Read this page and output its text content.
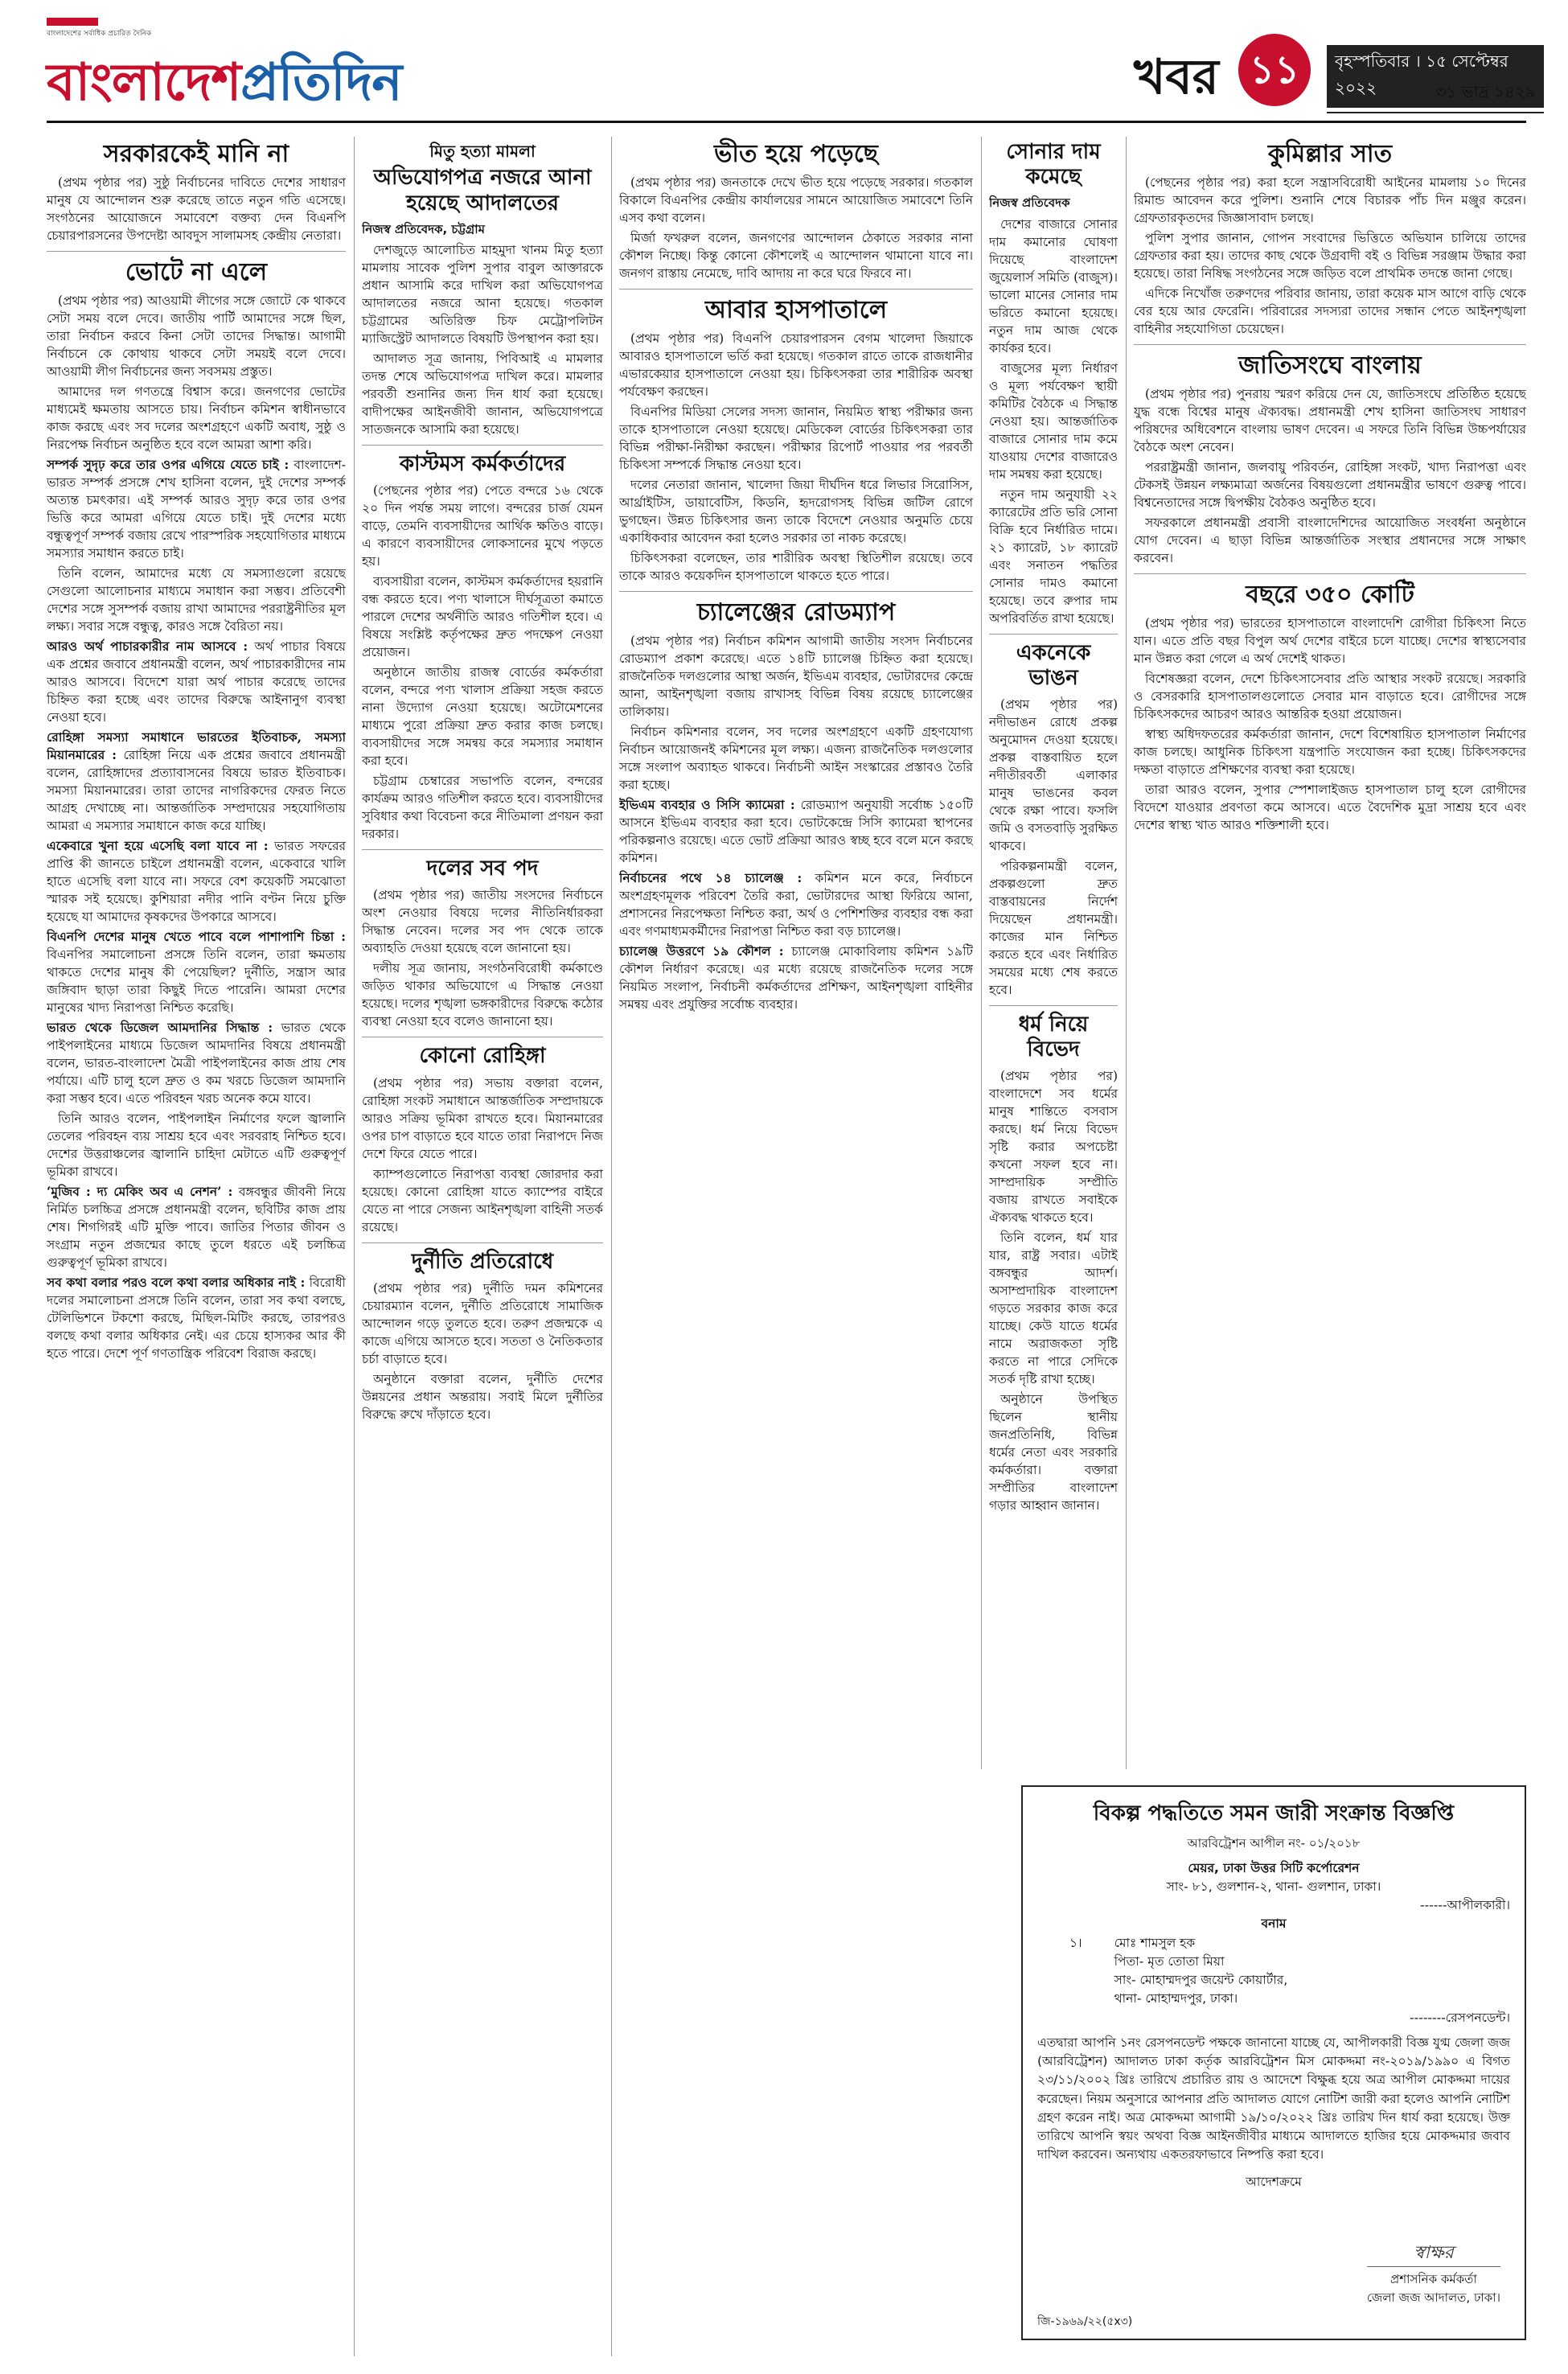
বাংলাদেশের সর্বাধিক প্রচারিত দৈনিক
বাংলাদেশপ্রতিদিন	খবর ১১	বৃহস্পতিবার । ১৫ সেপ্টেম্বর ২০২২	৩১ ভাদ্র ১৪২৯
সরকারকেই মানি না

(প্রথম পৃষ্ঠার পর) সুষ্ঠু নির্বাচনের দাবিতে দেশের সাধারণ মানুষ যে আন্দোলন শুরু করেছে তাতে নতুন গতি এসেছে। সংগঠনের আয়োজনে সমাবেশে বক্তব্য দেন বিএনপি চেয়ারপারসনের উপদেষ্টা আবদুস সালামসহ কেন্দ্রীয় নেতারা।

ভোটে না এলে

(প্রথম পৃষ্ঠার পর) আওয়ামী লীগের সঙ্গে জোটে কে থাকবে সেটা সময় বলে দেবে। জাতীয় পার্টি আমাদের সঙ্গে ছিল, তারা নির্বাচন করবে কিনা সেটা তাদের সিদ্ধান্ত। আগামী নির্বাচনে কে কোথায় থাকবে সেটা সময়ই বলে দেবে। আওয়ামী লীগ নির্বাচনের জন্য সবসময় প্রস্তুত।

আমাদের দল গণতন্ত্রে বিশ্বাস করে। জনগণের ভোটের মাধ্যমেই ক্ষমতায় আসতে চায়। নির্বাচন কমিশন স্বাধীনভাবে কাজ করছে এবং সব দলের অংশগ্রহণে একটি অবাধ, সুষ্ঠু ও নিরপেক্ষ নির্বাচন অনুষ্ঠিত হবে বলে আমরা আশা করি।

সম্পর্ক সুদৃঢ় করে তার ওপর এগিয়ে যেতে চাই : বাংলাদেশ-ভারত সম্পর্ক প্রসঙ্গে শেখ হাসিনা বলেন, দুই দেশের সম্পর্ক অত্যন্ত চমৎকার। এই সম্পর্ক আরও সুদৃঢ় করে তার ওপর ভিত্তি করে আমরা এগিয়ে যেতে চাই। দুই দেশের মধ্যে বন্ধুত্বপূর্ণ সম্পর্ক বজায় রেখে পারস্পরিক সহযোগিতার মাধ্যমে সমস্যার সমাধান করতে চাই।

তিনি বলেন, আমাদের মধ্যে যে সমস্যাগুলো রয়েছে সেগুলো আলোচনার মাধ্যমে সমাধান করা সম্ভব। প্রতিবেশী দেশের সঙ্গে সুসম্পর্ক বজায় রাখা আমাদের পররাষ্ট্রনীতির মূল লক্ষ্য। সবার সঙ্গে বন্ধুত্ব, কারও সঙ্গে বৈরিতা নয়।

আরও অর্থ পাচারকারীর নাম আসবে : অর্থ পাচার বিষয়ে এক প্রশ্নের জবাবে প্রধানমন্ত্রী বলেন, অর্থ পাচারকারীদের নাম আরও আসবে। বিদেশে যারা অর্থ পাচার করেছে তাদের চিহ্নিত করা হচ্ছে এবং তাদের বিরুদ্ধে আইনানুগ ব্যবস্থা নেওয়া হবে।

রোহিঙ্গা সমস্যা সমাধানে ভারতের ইতিবাচক, সমস্যা মিয়ানমারের : রোহিঙ্গা নিয়ে এক প্রশ্নের জবাবে প্রধানমন্ত্রী বলেন, রোহিঙ্গাদের প্রত্যাবাসনের বিষয়ে ভারত ইতিবাচক। সমস্যা মিয়ানমারের। তারা তাদের নাগরিকদের ফেরত নিতে আগ্রহ দেখাচ্ছে না। আন্তর্জাতিক সম্প্রদায়ের সহযোগিতায় আমরা এ সমস্যার সমাধানে কাজ করে যাচ্ছি।

একেবারে খুনা হয়ে এসেছি বলা যাবে না : ভারত সফরের প্রাপ্তি কী জানতে চাইলে প্রধানমন্ত্রী বলেন, একেবারে খালি হাতে এসেছি বলা যাবে না। সফরে বেশ কয়েকটি সমঝোতা স্মারক সই হয়েছে। কুশিয়ারা নদীর পানি বণ্টন নিয়ে চুক্তি হয়েছে যা আমাদের কৃষকদের উপকারে আসবে।

বিএনপি দেশের মানুষ খেতে পাবে বলে পাশাপাশি চিন্তা : বিএনপির সমালোচনা প্রসঙ্গে তিনি বলেন, তারা ক্ষমতায় থাকতে দেশের মানুষ কী পেয়েছিল? দুর্নীতি, সন্ত্রাস আর জঙ্গিবাদ ছাড়া তারা কিছুই দিতে পারেনি। আমরা দেশের মানুষের খাদ্য নিরাপত্তা নিশ্চিত করেছি।

ভারত থেকে ডিজেল আমদানির সিদ্ধান্ত : ভারত থেকে পাইপলাইনের মাধ্যমে ডিজেল আমদানির বিষয়ে প্রধানমন্ত্রী বলেন, ভারত-বাংলাদেশ মৈত্রী পাইপলাইনের কাজ প্রায় শেষ পর্যায়ে। এটি চালু হলে দ্রুত ও কম খরচে ডিজেল আমদানি করা সম্ভব হবে। এতে পরিবহন খরচ অনেক কমে যাবে।

তিনি আরও বলেন, পাইপলাইন নির্মাণের ফলে জ্বালানি তেলের পরিবহন ব্যয় সাশ্রয় হবে এবং সরবরাহ নিশ্চিত হবে। দেশের উত্তরাঞ্চলের জ্বালানি চাহিদা মেটাতে এটি গুরুত্বপূর্ণ ভূমিকা রাখবে।

‘মুজিব : দ্য মেকিং অব এ নেশন’ : বঙ্গবন্ধুর জীবনী নিয়ে নির্মিত চলচ্চিত্র প্রসঙ্গে প্রধানমন্ত্রী বলেন, ছবিটির কাজ প্রায় শেষ। শিগগিরই এটি মুক্তি পাবে। জাতির পিতার জীবন ও সংগ্রাম নতুন প্রজন্মের কাছে তুলে ধরতে এই চলচ্চিত্র গুরুত্বপূর্ণ ভূমিকা রাখবে।

সব কথা বলার পরও বলে কথা বলার অধিকার নাই : বিরোধী দলের সমালোচনা প্রসঙ্গে তিনি বলেন, তারা সব কথা বলছে, টেলিভিশনে টকশো করছে, মিছিল-মিটিং করছে, তারপরও বলছে কথা বলার অধিকার নেই। এর চেয়ে হাস্যকর আর কী হতে পারে। দেশে পূর্ণ গণতান্ত্রিক পরিবেশ বিরাজ করছে।

মিতু হত্যা মামলা
অভিযোগপত্র নজরে আনা হয়েছে আদালতের
নিজস্ব প্রতিবেদক, চট্টগ্রাম

দেশজুড়ে আলোচিত মাহমুদা খানম মিতু হত্যা মামলায় সাবেক পুলিশ সুপার বাবুল আক্তারকে প্রধান আসামি করে দাখিল করা অভিযোগপত্র আদালতের নজরে আনা হয়েছে। গতকাল চট্টগ্রামের অতিরিক্ত চিফ মেট্রোপলিটন ম্যাজিস্ট্রেট আদালতে বিষয়টি উপস্থাপন করা হয়।

আদালত সূত্র জানায়, পিবিআই এ মামলার তদন্ত শেষে অভিযোগপত্র দাখিল করে। মামলার পরবর্তী শুনানির জন্য দিন ধার্য করা হয়েছে। বাদীপক্ষের আইনজীবী জানান, অভিযোগপত্রে সাতজনকে আসামি করা হয়েছে।

কাস্টমস কর্মকর্তাদের

(পেছনের পৃষ্ঠার পর) পেতে বন্দরে ১৬ থেকে ২০ দিন পর্যন্ত সময় লাগে। বন্দরের চার্জ যেমন বাড়ে, তেমনি ব্যবসায়ীদের আর্থিক ক্ষতিও বাড়ে। এ কারণে ব্যবসায়ীদের লোকসানের মুখে পড়তে হয়।

ব্যবসায়ীরা বলেন, কাস্টমস কর্মকর্তাদের হয়রানি বন্ধ করতে হবে। পণ্য খালাসে দীর্ঘসূত্রতা কমাতে পারলে দেশের অর্থনীতি আরও গতিশীল হবে। এ বিষয়ে সংশ্লিষ্ট কর্তৃপক্ষের দ্রুত পদক্ষেপ নেওয়া প্রয়োজন।

অনুষ্ঠানে জাতীয় রাজস্ব বোর্ডের কর্মকর্তারা বলেন, বন্দরে পণ্য খালাস প্রক্রিয়া সহজ করতে নানা উদ্যোগ নেওয়া হয়েছে। অটোমেশনের মাধ্যমে পুরো প্রক্রিয়া দ্রুত করার কাজ চলছে। ব্যবসায়ীদের সঙ্গে সমন্বয় করে সমস্যার সমাধান করা হবে।

চট্টগ্রাম চেম্বারের সভাপতি বলেন, বন্দরের কার্যক্রম আরও গতিশীল করতে হবে। ব্যবসায়ীদের সুবিধার কথা বিবেচনা করে নীতিমালা প্রণয়ন করা দরকার।

দলের সব পদ

(প্রথম পৃষ্ঠার পর) জাতীয় সংসদের নির্বাচনে অংশ নেওয়ার বিষয়ে দলের নীতিনির্ধারকরা সিদ্ধান্ত নেবেন। দলের সব পদ থেকে তাকে অব্যাহতি দেওয়া হয়েছে বলে জানানো হয়।

দলীয় সূত্র জানায়, সংগঠনবিরোধী কর্মকাণ্ডে জড়িত থাকার অভিযোগে এ সিদ্ধান্ত নেওয়া হয়েছে। দলের শৃঙ্খলা ভঙ্গকারীদের বিরুদ্ধে কঠোর ব্যবস্থা নেওয়া হবে বলেও জানানো হয়।

কোনো রোহিঙ্গা

(প্রথম পৃষ্ঠার পর) সভায় বক্তারা বলেন, রোহিঙ্গা সংকট সমাধানে আন্তর্জাতিক সম্প্রদায়কে আরও সক্রিয় ভূমিকা রাখতে হবে। মিয়ানমারের ওপর চাপ বাড়াতে হবে যাতে তারা নিরাপদে নিজ দেশে ফিরে যেতে পারে।

ক্যাম্পগুলোতে নিরাপত্তা ব্যবস্থা জোরদার করা হয়েছে। কোনো রোহিঙ্গা যাতে ক্যাম্পের বাইরে যেতে না পারে সেজন্য আইনশৃঙ্খলা বাহিনী সতর্ক রয়েছে।

দুর্নীতি প্রতিরোধে

(প্রথম পৃষ্ঠার পর) দুর্নীতি দমন কমিশনের চেয়ারম্যান বলেন, দুর্নীতি প্রতিরোধে সামাজিক আন্দোলন গড়ে তুলতে হবে। তরুণ প্রজন্মকে এ কাজে এগিয়ে আসতে হবে। সততা ও নৈতিকতার চর্চা বাড়াতে হবে।

অনুষ্ঠানে বক্তারা বলেন, দুর্নীতি দেশের উন্নয়নের প্রধান অন্তরায়। সবাই মিলে দুর্নীতির বিরুদ্ধে রুখে দাঁড়াতে হবে।

ভীত হয়ে পড়েছে

(প্রথম পৃষ্ঠার পর) জনতাকে দেখে ভীত হয়ে পড়েছে সরকার। গতকাল বিকালে বিএনপির কেন্দ্রীয় কার্যালয়ের সামনে আয়োজিত সমাবেশে তিনি এসব কথা বলেন।

মির্জা ফখরুল বলেন, জনগণের আন্দোলন ঠেকাতে সরকার নানা কৌশল নিচ্ছে। কিন্তু কোনো কৌশলেই এ আন্দোলন থামানো যাবে না। জনগণ রাস্তায় নেমেছে, দাবি আদায় না করে ঘরে ফিরবে না।

আবার হাসপাতালে

(প্রথম পৃষ্ঠার পর) বিএনপি চেয়ারপারসন বেগম খালেদা জিয়াকে আবারও হাসপাতালে ভর্তি করা হয়েছে। গতকাল রাতে তাকে রাজধানীর এভারকেয়ার হাসপাতালে নেওয়া হয়। চিকিৎসকরা তার শারীরিক অবস্থা পর্যবেক্ষণ করছেন।

বিএনপির মিডিয়া সেলের সদস্য জানান, নিয়মিত স্বাস্থ্য পরীক্ষার জন্য তাকে হাসপাতালে নেওয়া হয়েছে। মেডিকেল বোর্ডের চিকিৎসকরা তার বিভিন্ন পরীক্ষা-নিরীক্ষা করছেন। পরীক্ষার রিপোর্ট পাওয়ার পর পরবর্তী চিকিৎসা সম্পর্কে সিদ্ধান্ত নেওয়া হবে।

দলের নেতারা জানান, খালেদা জিয়া দীর্ঘদিন ধরে লিভার সিরোসিস, আর্থ্রাইটিস, ডায়াবেটিস, কিডনি, হৃদরোগসহ বিভিন্ন জটিল রোগে ভুগছেন। উন্নত চিকিৎসার জন্য তাকে বিদেশে নেওয়ার অনুমতি চেয়ে একাধিকবার আবেদন করা হলেও সরকার তা নাকচ করেছে।

চিকিৎসকরা বলেছেন, তার শারীরিক অবস্থা স্থিতিশীল রয়েছে। তবে তাকে আরও কয়েকদিন হাসপাতালে থাকতে হতে পারে।

চ্যালেঞ্জের রোডম্যাপ

(প্রথম পৃষ্ঠার পর) নির্বাচন কমিশন আগামী জাতীয় সংসদ নির্বাচনের রোডম্যাপ প্রকাশ করেছে। এতে ১৪টি চ্যালেঞ্জ চিহ্নিত করা হয়েছে। রাজনৈতিক দলগুলোর আস্থা অর্জন, ইভিএম ব্যবহার, ভোটারদের কেন্দ্রে আনা, আইনশৃঙ্খলা বজায় রাখাসহ বিভিন্ন বিষয় রয়েছে চ্যালেঞ্জের তালিকায়।

নির্বাচন কমিশনার বলেন, সব দলের অংশগ্রহণে একটি গ্রহণযোগ্য নির্বাচন আয়োজনই কমিশনের মূল লক্ষ্য। এজন্য রাজনৈতিক দলগুলোর সঙ্গে সংলাপ অব্যাহত থাকবে। নির্বাচনী আইন সংস্কারের প্রস্তাবও তৈরি করা হচ্ছে।

ইভিএম ব্যবহার ও সিসি ক্যামেরা : রোডম্যাপ অনুযায়ী সর্বোচ্চ ১৫০টি আসনে ইভিএম ব্যবহার করা হবে। ভোটকেন্দ্রে সিসি ক্যামেরা স্থাপনের পরিকল্পনাও রয়েছে। এতে ভোট প্রক্রিয়া আরও স্বচ্ছ হবে বলে মনে করছে কমিশন।

নির্বাচনের পথে ১৪ চ্যালেঞ্জ : কমিশন মনে করে, নির্বাচনে অংশগ্রহণমূলক পরিবেশ তৈরি করা, ভোটারদের আস্থা ফিরিয়ে আনা, প্রশাসনের নিরপেক্ষতা নিশ্চিত করা, অর্থ ও পেশিশক্তির ব্যবহার বন্ধ করা এবং গণমাধ্যমকর্মীদের নিরাপত্তা নিশ্চিত করা বড় চ্যালেঞ্জ।

চ্যালেঞ্জ উত্তরণে ১৯ কৌশল : চ্যালেঞ্জ মোকাবিলায় কমিশন ১৯টি কৌশল নির্ধারণ করেছে। এর মধ্যে রয়েছে রাজনৈতিক দলের সঙ্গে নিয়মিত সংলাপ, নির্বাচনী কর্মকর্তাদের প্রশিক্ষণ, আইনশৃঙ্খলা বাহিনীর সমন্বয় এবং প্রযুক্তির সর্বোচ্চ ব্যবহার।

সোনার দাম কমেছে
নিজস্ব প্রতিবেদক

দেশের বাজারে সোনার দাম কমানোর ঘোষণা দিয়েছে বাংলাদেশ জুয়েলার্স সমিতি (বাজুস)। ভালো মানের সোনার দাম ভরিতে কমানো হয়েছে। নতুন দাম আজ থেকে কার্যকর হবে।

বাজুসের মূল্য নির্ধারণ ও মূল্য পর্যবেক্ষণ স্থায়ী কমিটির বৈঠকে এ সিদ্ধান্ত নেওয়া হয়। আন্তর্জাতিক বাজারে সোনার দাম কমে যাওয়ায় দেশের বাজারেও দাম সমন্বয় করা হয়েছে।

নতুন দাম অনুযায়ী ২২ ক্যারেটের প্রতি ভরি সোনা বিক্রি হবে নির্ধারিত দামে। ২১ ক্যারেট, ১৮ ক্যারেট এবং সনাতন পদ্ধতির সোনার দামও কমানো হয়েছে। তবে রুপার দাম অপরিবর্তিত রাখা হয়েছে।

একনেকে ভাঙন

(প্রথম পৃষ্ঠার পর) নদীভাঙন রোধে প্রকল্প অনুমোদন দেওয়া হয়েছে। প্রকল্প বাস্তবায়িত হলে নদীতীরবর্তী এলাকার মানুষ ভাঙনের কবল থেকে রক্ষা পাবে। ফসলি জমি ও বসতবাড়ি সুরক্ষিত থাকবে।

পরিকল্পনামন্ত্রী বলেন, প্রকল্পগুলো দ্রুত বাস্তবায়নের নির্দেশ দিয়েছেন প্রধানমন্ত্রী। কাজের মান নিশ্চিত করতে হবে এবং নির্ধারিত সময়ের মধ্যে শেষ করতে হবে।

ধর্ম নিয়ে বিভেদ

(প্রথম পৃষ্ঠার পর) বাংলাদেশে সব ধর্মের মানুষ শান্তিতে বসবাস করছে। ধর্ম নিয়ে বিভেদ সৃষ্টি করার অপচেষ্টা কখনো সফল হবে না। সাম্প্রদায়িক সম্প্রীতি বজায় রাখতে সবাইকে ঐক্যবদ্ধ থাকতে হবে।

তিনি বলেন, ধর্ম যার যার, রাষ্ট্র সবার। এটাই বঙ্গবন্ধুর আদর্শ। অসাম্প্রদায়িক বাংলাদেশ গড়তে সরকার কাজ করে যাচ্ছে। কেউ যাতে ধর্মের নামে অরাজকতা সৃষ্টি করতে না পারে সেদিকে সতর্ক দৃষ্টি রাখা হচ্ছে।

অনুষ্ঠানে উপস্থিত ছিলেন স্থানীয় জনপ্রতিনিধি, বিভিন্ন ধর্মের নেতা এবং সরকারি কর্মকর্তারা। বক্তারা সম্প্রীতির বাংলাদেশ গড়ার আহ্বান জানান।

কুমিল্লার সাত

(পেছনের পৃষ্ঠার পর) করা হলে সন্ত্রাসবিরোধী আইনের মামলায় ১০ দিনের রিমান্ড আবেদন করে পুলিশ। শুনানি শেষে বিচারক পাঁচ দিন মঞ্জুর করেন। গ্রেফতারকৃতদের জিজ্ঞাসাবাদ চলছে।

পুলিশ সুপার জানান, গোপন সংবাদের ভিত্তিতে অভিযান চালিয়ে তাদের গ্রেফতার করা হয়। তাদের কাছ থেকে উগ্রবাদী বই ও বিভিন্ন সরঞ্জাম উদ্ধার করা হয়েছে। তারা নিষিদ্ধ সংগঠনের সঙ্গে জড়িত বলে প্রাথমিক তদন্তে জানা গেছে।

এদিকে নিখোঁজ তরুণদের পরিবার জানায়, তারা কয়েক মাস আগে বাড়ি থেকে বের হয়ে আর ফেরেনি। পরিবারের সদস্যরা তাদের সন্ধান পেতে আইনশৃঙ্খলা বাহিনীর সহযোগিতা চেয়েছেন।

জাতিসংঘে বাংলায়

(প্রথম পৃষ্ঠার পর) পুনরায় স্মরণ করিয়ে দেন যে, জাতিসংঘে প্রতিষ্ঠিত হয়েছে যুদ্ধ বন্ধে বিশ্বের মানুষ ঐক্যবদ্ধ। প্রধানমন্ত্রী শেখ হাসিনা জাতিসংঘ সাধারণ পরিষদের অধিবেশনে বাংলায় ভাষণ দেবেন। এ সফরে তিনি বিভিন্ন উচ্চপর্যায়ের বৈঠকে অংশ নেবেন।

পররাষ্ট্রমন্ত্রী জানান, জলবায়ু পরিবর্তন, রোহিঙ্গা সংকট, খাদ্য নিরাপত্তা এবং টেকসই উন্নয়ন লক্ষ্যমাত্রা অর্জনের বিষয়গুলো প্রধানমন্ত্রীর ভাষণে গুরুত্ব পাবে। বিশ্বনেতাদের সঙ্গে দ্বিপক্ষীয় বৈঠকও অনুষ্ঠিত হবে।

সফরকালে প্রধানমন্ত্রী প্রবাসী বাংলাদেশিদের আয়োজিত সংবর্ধনা অনুষ্ঠানে যোগ দেবেন। এ ছাড়া বিভিন্ন আন্তর্জাতিক সংস্থার প্রধানদের সঙ্গে সাক্ষাৎ করবেন।

বছরে ৩৫০ কোটি

(প্রথম পৃষ্ঠার পর) ভারতের হাসপাতালে বাংলাদেশি রোগীরা চিকিৎসা নিতে যান। এতে প্রতি বছর বিপুল অর্থ দেশের বাইরে চলে যাচ্ছে। দেশের স্বাস্থ্যসেবার মান উন্নত করা গেলে এ অর্থ দেশেই থাকত।

বিশেষজ্ঞরা বলেন, দেশে চিকিৎসাসেবার প্রতি আস্থার সংকট রয়েছে। সরকারি ও বেসরকারি হাসপাতালগুলোতে সেবার মান বাড়াতে হবে। রোগীদের সঙ্গে চিকিৎসকদের আচরণ আরও আন্তরিক হওয়া প্রয়োজন।

স্বাস্থ্য অধিদফতরের কর্মকর্তারা জানান, দেশে বিশেষায়িত হাসপাতাল নির্মাণের কাজ চলছে। আধুনিক চিকিৎসা যন্ত্রপাতি সংযোজন করা হচ্ছে। চিকিৎসকদের দক্ষতা বাড়াতে প্রশিক্ষণের ব্যবস্থা করা হয়েছে।

তারা আরও বলেন, সুপার স্পেশালাইজড হাসপাতাল চালু হলে রোগীদের বিদেশে যাওয়ার প্রবণতা কমে আসবে। এতে বৈদেশিক মুদ্রা সাশ্রয় হবে এবং দেশের স্বাস্থ্য খাত আরও শক্তিশালী হবে।

বিকল্প পদ্ধতিতে সমন জারী সংক্রান্ত বিজ্ঞপ্তি
আরবিট্রেশন আপীল নং- ০১/২০১৮
মেয়র, ঢাকা উত্তর সিটি কর্পোরেশন
সাং- ৮১, গুলশান-২, থানা- গুলশান, ঢাকা।
------আপীলকারী।
বনাম
১।	মোঃ শামসুল হক
পিতা- মৃত তোতা মিয়া
সাং- মোহাম্মদপুর জয়েন্ট কোয়ার্টার,
থানা- মোহাম্মদপুর, ঢাকা।
--------রেসপনডেন্ট।
এতদ্বারা আপনি ১নং রেসপনডেন্ট পক্ষকে জানানো যাচ্ছে যে, আপীলকারী বিজ্ঞ যুগ্ম জেলা জজ (আরবিট্রেশন) আদালত ঢাকা কর্তৃক আরবিট্রেশন মিস মোকদ্দমা নং-২০১৯/১৯৯০ এ বিগত ২৩/১১/২০০২ খ্রিঃ তারিখে প্রচারিত রায় ও আদেশে বিক্ষুব্ধ হয়ে অত্র আপীল মোকদ্দমা দায়ের করেছেন। নিয়ম অনুসারে আপনার প্রতি আদালত যোগে নোটিশ জারী করা হলেও আপনি নোটিশ গ্রহণ করেন নাই। অত্র মোকদ্দমা আগামী ১৯/১০/২০২২ খ্রিঃ তারিখ দিন ধার্য করা হয়েছে। উক্ত তারিখে আপনি স্বয়ং অথবা বিজ্ঞ আইনজীবীর মাধ্যমে আদালতে হাজির হয়ে মোকদ্দমার জবাব দাখিল করবেন। অন্যথায় একতরফাভাবে নিষ্পত্তি করা হবে।
আদেশক্রমে
স্বাক্ষর
প্রশাসনিক কর্মকর্তা
জেলা জজ আদালত, ঢাকা।
জি-১৯৬৯/২২(৫x৩)
